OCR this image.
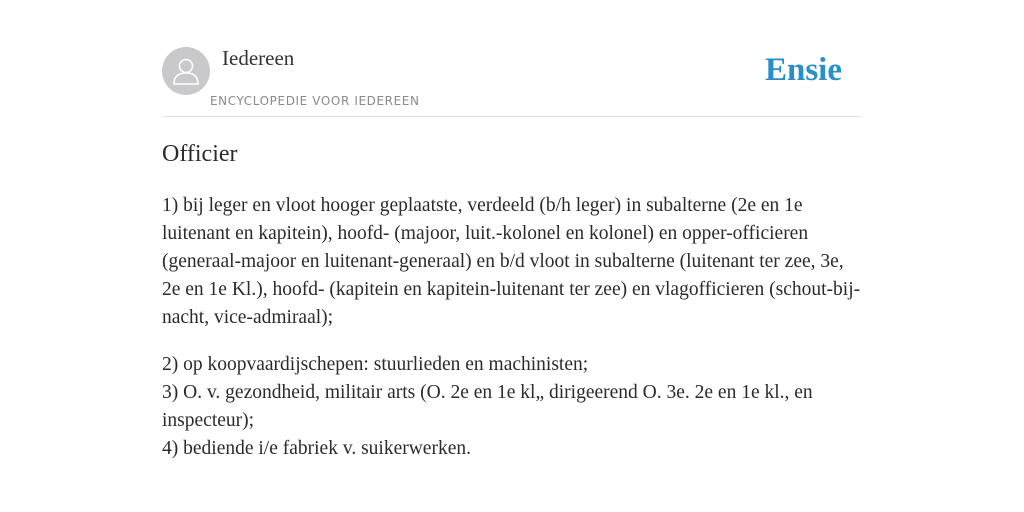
Iedereen
ENCYCLOPEDIE VOOR IEDEREEN
Ensie
Officier

1) bij leger en vloot hooger geplaatste, verdeeld (b/h leger) in subalterne (2e en 1e luitenant en kapitein), hoofd- (majoor, luit.-kolonel en kolonel) en opper-officieren (generaal-majoor en luitenant-generaal) en b/d vloot in subalterne (luitenant ter zee, 3e, 2e en 1e Kl.), hoofd- (kapitein en kapitein-luitenant ter zee) en vlagofficieren (schout-bij-nacht, vice-admiraal);

2) op koopvaardijschepen: stuurlieden en machinisten;

3) O. v. gezondheid, militair arts (O. 2e en 1e kl„ dirigeerend O. 3e. 2e en 1e kl., en inspecteur);

4) bediende i/e fabriek v. suikerwerken.
